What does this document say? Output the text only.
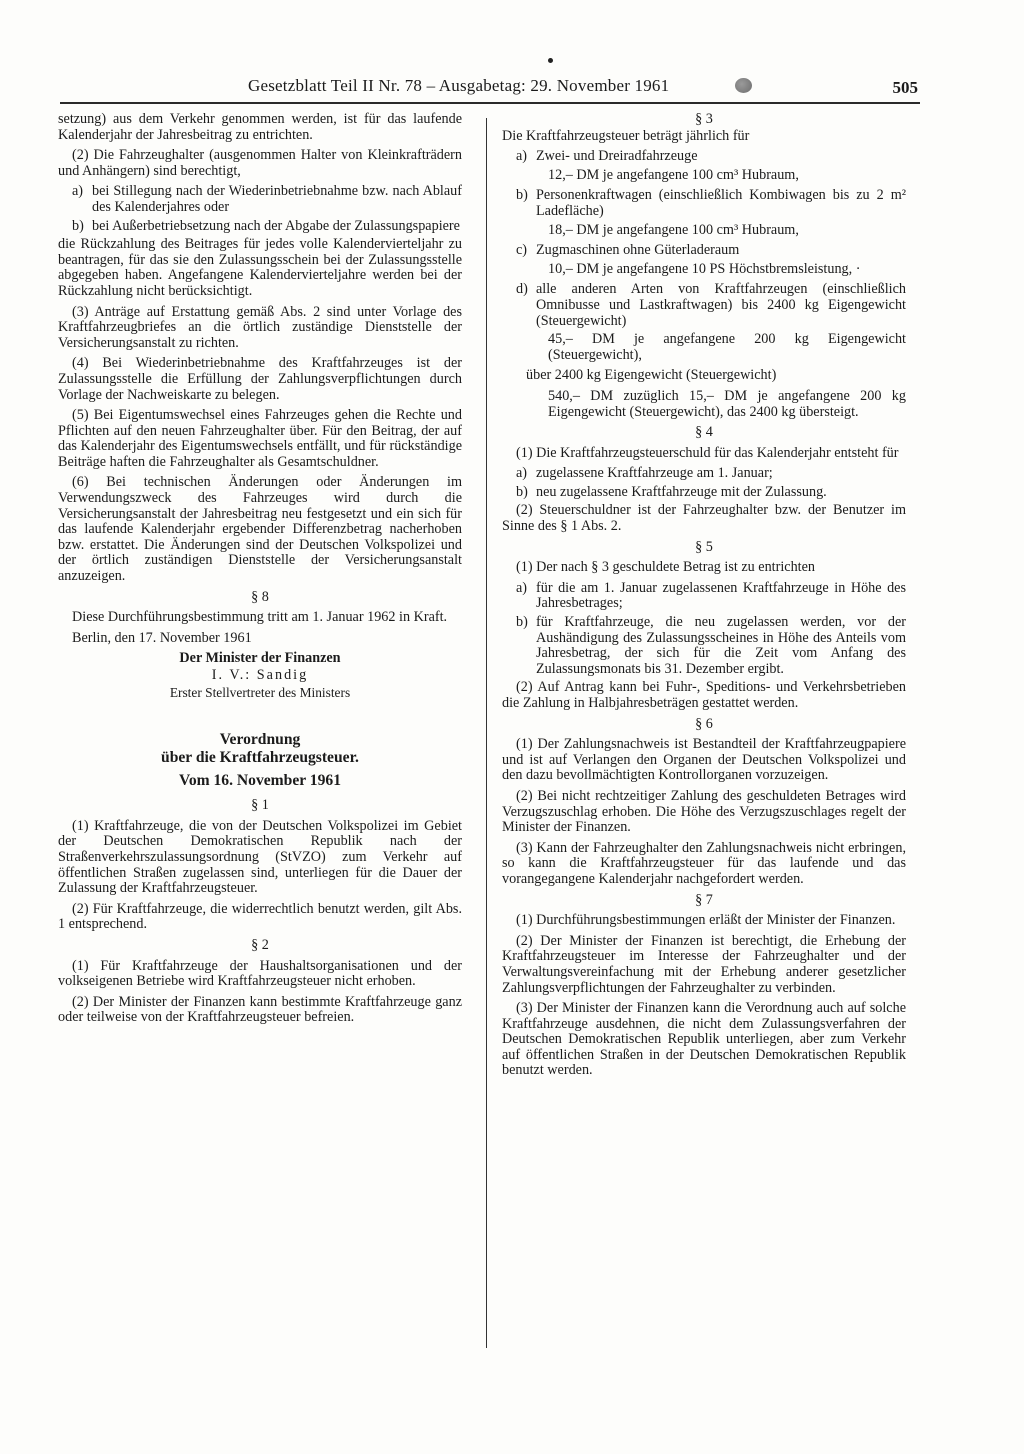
Gesetzblatt Teil II Nr. 78 – Ausgabetag: 29. November 1961	505

setzung) aus dem Verkehr genommen werden, ist für das laufende Kalenderjahr der Jahresbeitrag zu entrichten.

(2) Die Fahrzeughalter (ausgenommen Halter von Kleinkrafträdern und Anhängern) sind berechtigt,

a) bei Stillegung nach der Wiederinbetriebnahme bzw. nach Ablauf des Kalenderjahres oder
b) bei Außerbetriebsetzung nach der Abgabe der Zulassungspapiere

die Rückzahlung des Beitrages für jedes volle Kalendervierteljahr zu beantragen, für das sie den Zulassungsschein bei der Zulassungsstelle abgegeben haben. Angefangene Kalendervierteljahre werden bei der Rückzahlung nicht berücksichtigt.

(3) Anträge auf Erstattung gemäß Abs. 2 sind unter Vorlage des Kraftfahrzeugbriefes an die örtlich zuständige Dienststelle der Versicherungsanstalt zu richten.

(4) Bei Wiederinbetriebnahme des Kraftfahrzeuges ist der Zulassungsstelle die Erfüllung der Zahlungsverpflichtungen durch Vorlage der Nachweiskarte zu belegen.

(5) Bei Eigentumswechsel eines Fahrzeuges gehen die Rechte und Pflichten auf den neuen Fahrzeughalter über. Für den Beitrag, der auf das Kalenderjahr des Eigentumswechsels entfällt, und für rückständige Beiträge haften die Fahrzeughalter als Gesamtschuldner.

(6) Bei technischen Änderungen oder Änderungen im Verwendungszweck des Fahrzeuges wird durch die Versicherungsanstalt der Jahresbeitrag neu festgesetzt und ein sich für das laufende Kalenderjahr ergebender Differenzbetrag nacherhoben bzw. erstattet. Die Änderungen sind der Deutschen Volkspolizei und der örtlich zuständigen Dienststelle der Versicherungsanstalt anzuzeigen.

§ 8

Diese Durchführungsbestimmung tritt am 1. Januar 1962 in Kraft.

Berlin, den 17. November 1961

Der Minister der Finanzen

I. V.: Sandig

Erster Stellvertreter des Ministers

Verordnung

über die Kraftfahrzeugsteuer.

Vom 16. November 1961

§ 1

(1) Kraftfahrzeuge, die von der Deutschen Volkspolizei im Gebiet der Deutschen Demokratischen Republik nach der Straßenverkehrszulassungsordnung (StVZO) zum Verkehr auf öffentlichen Straßen zugelassen sind, unterliegen für die Dauer der Zulassung der Kraftfahrzeugsteuer.

(2) Für Kraftfahrzeuge, die widerrechtlich benutzt werden, gilt Abs. 1 entsprechend.

§ 2

(1) Für Kraftfahrzeuge der Haushaltsorganisationen und der volkseigenen Betriebe wird Kraftfahrzeugsteuer nicht erhoben.

(2) Der Minister der Finanzen kann bestimmte Kraftfahrzeuge ganz oder teilweise von der Kraftfahrzeugsteuer befreien.

§ 3

Die Kraftfahrzeugsteuer beträgt jährlich für

a) Zwei- und Dreiradfahrzeuge

12,– DM je angefangene 100 cm³ Hubraum,

b) Personenkraftwagen (einschließlich Kombiwagen bis zu 2 m² Ladefläche)

18,– DM je angefangene 100 cm³ Hubraum,

c) Zugmaschinen ohne Güterladeraum

10,– DM je angefangene 10 PS Höchstbremsleistung, ·

d) alle anderen Arten von Kraftfahrzeugen (einschließlich Omnibusse und Lastkraftwagen) bis 2400 kg Eigengewicht (Steuergewicht)

45,– DM je angefangene 200 kg Eigengewicht (Steuergewicht),

über 2400 kg Eigengewicht (Steuergewicht)

540,– DM zuzüglich 15,– DM je angefangene 200 kg Eigengewicht (Steuergewicht), das 2400 kg übersteigt.

§ 4

(1) Die Kraftfahrzeugsteuerschuld für das Kalenderjahr entsteht für

a) zugelassene Kraftfahrzeuge am 1. Januar;
b) neu zugelassene Kraftfahrzeuge mit der Zulassung.

(2) Steuerschuldner ist der Fahrzeughalter bzw. der Benutzer im Sinne des § 1 Abs. 2.

§ 5

(1) Der nach § 3 geschuldete Betrag ist zu entrichten

a) für die am 1. Januar zugelassenen Kraftfahrzeuge in Höhe des Jahresbetrages;
b) für Kraftfahrzeuge, die neu zugelassen werden, vor der Aushändigung des Zulassungsscheines in Höhe des Anteils vom Jahresbetrag, der sich für die Zeit vom Anfang des Zulassungsmonats bis 31. Dezember ergibt.

(2) Auf Antrag kann bei Fuhr-, Speditions- und Verkehrsbetrieben die Zahlung in Halbjahresbeträgen gestattet werden.

§ 6

(1) Der Zahlungsnachweis ist Bestandteil der Kraftfahrzeugpapiere und ist auf Verlangen den Organen der Deutschen Volkspolizei und den dazu bevollmächtigten Kontrollorganen vorzuzeigen.

(2) Bei nicht rechtzeitiger Zahlung des geschuldeten Betrages wird Verzugszuschlag erhoben. Die Höhe des Verzugszuschlages regelt der Minister der Finanzen.

(3) Kann der Fahrzeughalter den Zahlungsnachweis nicht erbringen, so kann die Kraftfahrzeugsteuer für das laufende und das vorangegangene Kalenderjahr nachgefordert werden.

§ 7

(1) Durchführungsbestimmungen erläßt der Minister der Finanzen.

(2) Der Minister der Finanzen ist berechtigt, die Erhebung der Kraftfahrzeugsteuer im Interesse der Fahrzeughalter und der Verwaltungsvereinfachung mit der Erhebung anderer gesetzlicher Zahlungsverpflichtungen der Fahrzeughalter zu verbinden.

(3) Der Minister der Finanzen kann die Verordnung auch auf solche Kraftfahrzeuge ausdehnen, die nicht dem Zulassungsverfahren der Deutschen Demokratischen Republik unterliegen, aber zum Verkehr auf öffentlichen Straßen in der Deutschen Demokratischen Republik benutzt werden.
